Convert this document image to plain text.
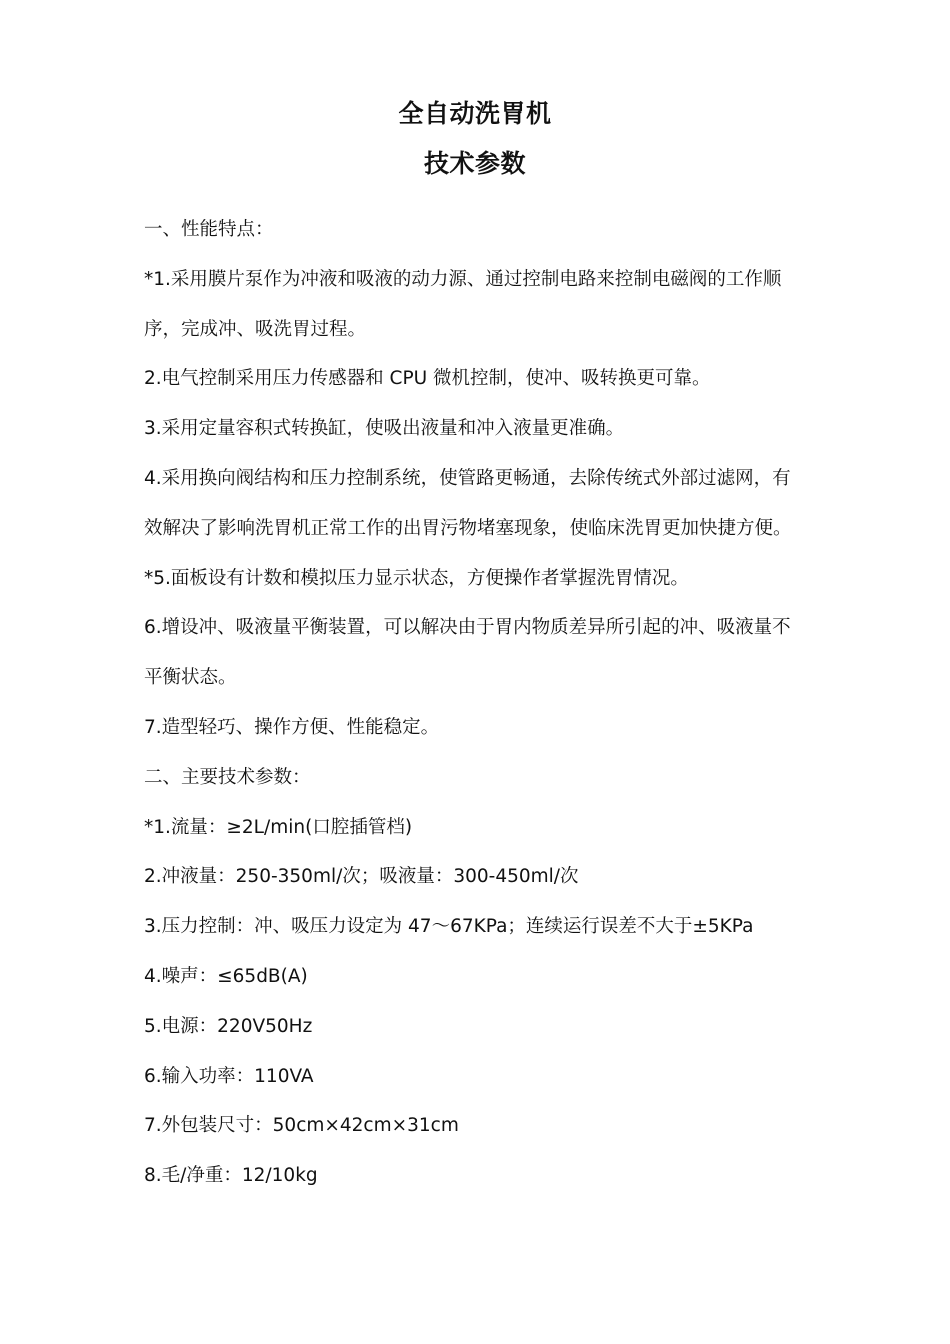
全自动洗胃机
技术参数

一、性能特点：

*1.采用膜片泵作为冲液和吸液的动力源、通过控制电路来控制电磁阀的工作顺

序，完成冲、吸洗胃过程。

2.电气控制采用压力传感器和 CPU 微机控制，使冲、吸转换更可靠。

3.采用定量容积式转换缸，使吸出液量和冲入液量更准确。

4.采用换向阀结构和压力控制系统，使管路更畅通，去除传统式外部过滤网，有

效解决了影响洗胃机正常工作的出胃污物堵塞现象，使临床洗胃更加快捷方便。

*5.面板设有计数和模拟压力显示状态，方便操作者掌握洗胃情况。

6.增设冲、吸液量平衡装置，可以解决由于胃内物质差异所引起的冲、吸液量不

平衡状态。

7.造型轻巧、操作方便、性能稳定。

二、主要技术参数：

*1.流量：≥2L/min(口腔插管档)

2.冲液量：250-350ml/次；吸液量：300-450ml/次

3.压力控制：冲、吸压力设定为 47～67KPa；连续运行误差不大于±5KPa

4.噪声：≤65dB(A)

5.电源：220V50Hz

6.输入功率：110VA

7.外包装尺寸：50cm×42cm×31cm

8.毛/净重：12/10kg
